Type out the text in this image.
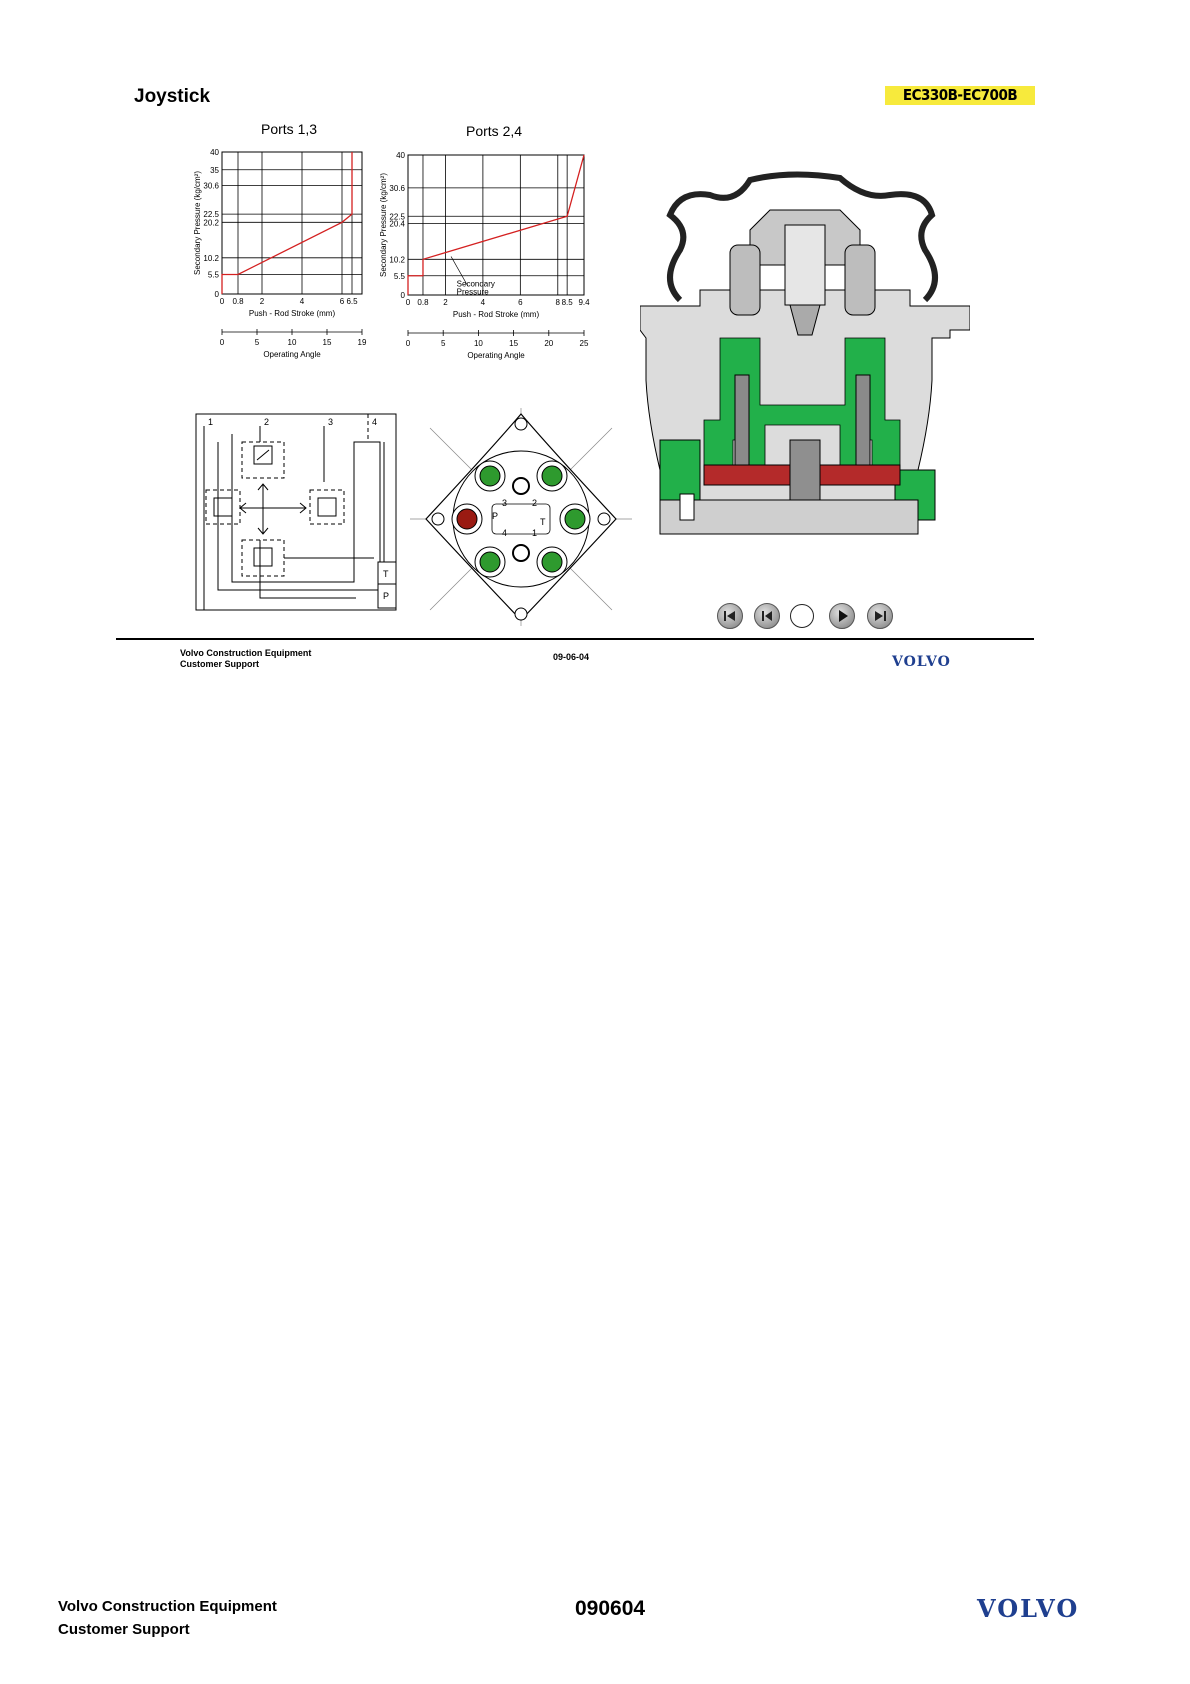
Joystick	EC330B-EC700B
Ports 1,3
0
5.5
10.2
20.2
22.5
30.6
35
40
0 0.8 2	4	6 6.5
Push - Rod Stroke (mm)
Secondary Pressure (kg/cm²)
0	5	10	15	19
Operating Angle
Ports 2,4
0
5.5
10.2
20.4
22.5
30.6
40
0 0.8 2	4	6	8 8.5 9.4
Push - Rod Stroke (mm)
Secondary Pressure (kg/cm²)
0	5	10	15	20	25
Operating Angle
Secondary
Pressure
1	2	3	4
T
P
3	2
P
T
4	1
Volvo Construction Equipment
Customer Support
09-06-04	VOLVO
Volvo Construction Equipment
Customer Support
090604	VOLVO
